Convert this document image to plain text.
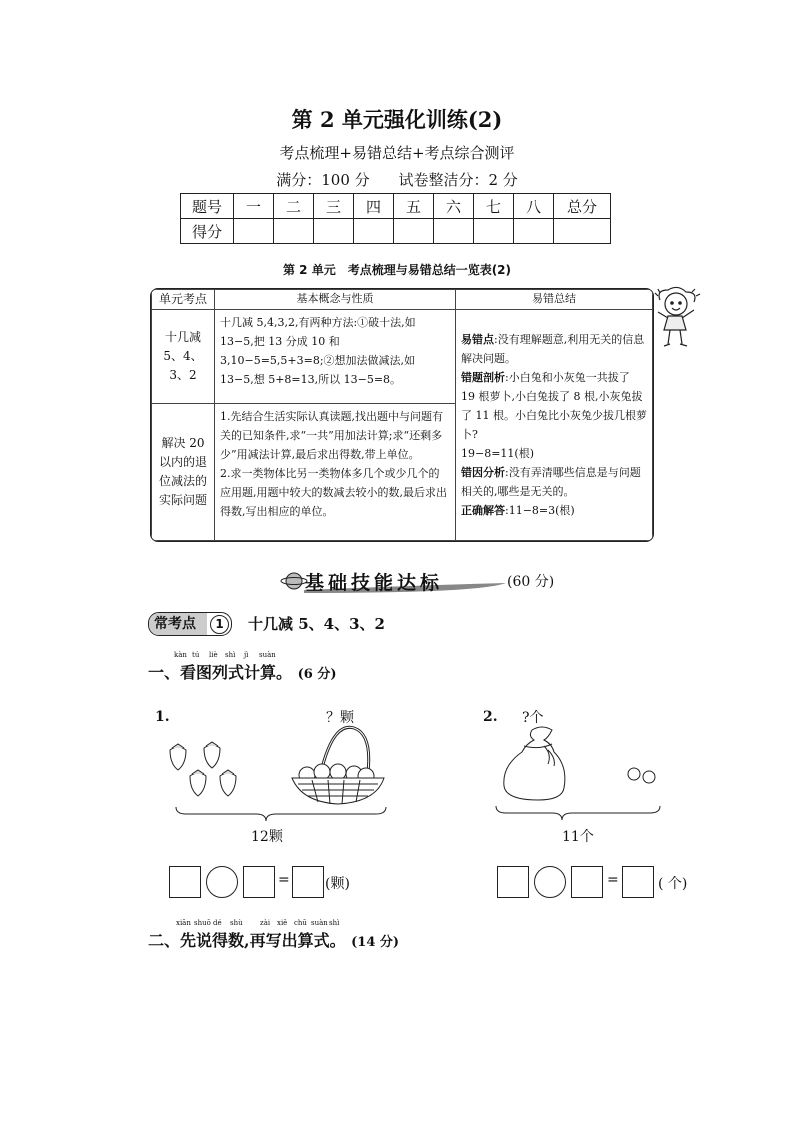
第 2 单元强化训练(2)
考点梳理+易错总结+考点综合测评
满分：100 分 试卷整洁分：2 分
题号	一	二	三	四	五	六	七	八	总分
得分									
第 2 单元　考点梳理与易错总结一览表(2)
单元考点	基本概念与性质	易错总结
十几减 5、4、3、2	十几减 5,4,3,2,有两种方法:①破十法,如 13−5,把 13 分成 10 和 3,10−5=5,5+3=8;②想加法做减法,如 13−5,想 5+8=13,所以 13−5=8。	易错点:没有理解题意,利用无关的信息解决问题。
错题剖析:小白兔和小灰兔一共拔了 19 根萝卜,小白兔拔了 8 根,小灰兔拔了 11 根。小白兔比小灰兔少拔几根萝卜?
19−8=11(根)
错因分析:没有弄清哪些信息是与问题相关的,哪些是无关的。
正确解答:11−8=3(根)
解决 20 以内的退位减法的实际问题	1.先结合生活实际认真读题,找出题中与问题有关的已知条件,求“一共”用加法计算;求“还剩多少”用减法计算,最后求出得数,带上单位。
2.求一类物体比另一类物体多几个或少几个的应用题,用题中较大的数减去较小的数,最后求出得数,写出相应的单位。	
基础技能达标	(60 分)
常考点	1	十几减 5、4、3、2
kàn tú liè shì jì suàn
一、看图列式计算。 (6 分)
1.	？颗
12颗
=	(颗)
2. ?个
11个
=	( 个)
xiān shuō dé shù zài xiě chū suàn shì
二、先说得数,再写出算式。 (14 分)
